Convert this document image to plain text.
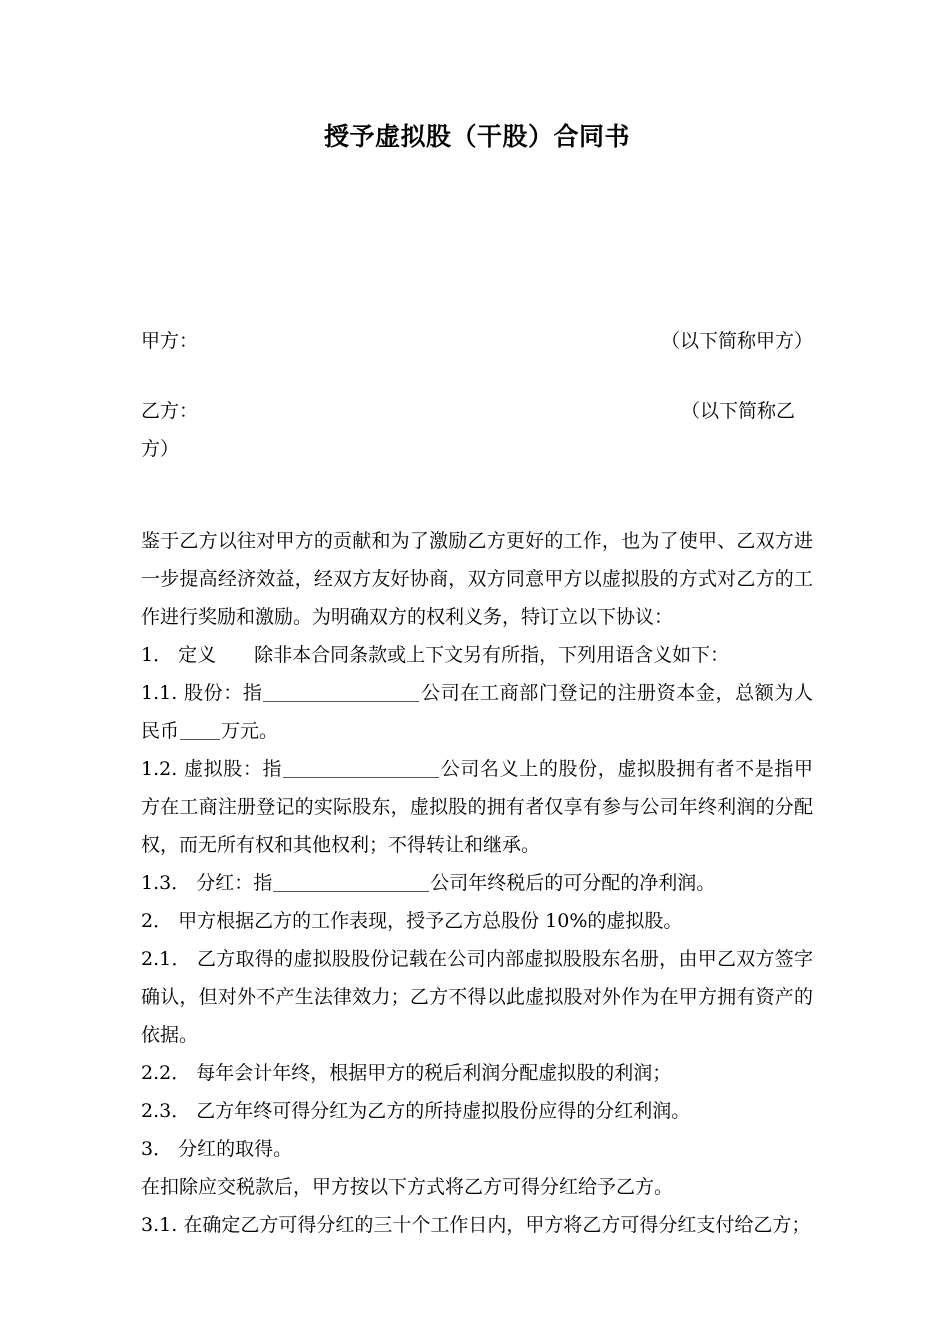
授予虚拟股（干股）合同书
甲方：	（以下简称甲方）
乙方：	（以下简称乙
方）

鉴于乙方以往对甲方的贡献和为了激励乙方更好的工作，也为了使甲、乙双方进一步提高经济效益，经双方友好协商，双方同意甲方以虚拟股的方式对乙方的工作进行奖励和激励。为明确双方的权利义务，特订立以下协议：

1． 定义　　 除非本合同条款或上下文另有所指，下列用语含义如下：

1.1. 股份：指	公司在工商部门登记的注册资本金，总额为人民币 万元。

1.2. 虚拟股：指	公司名义上的股份，虚拟股拥有者不是指甲方在工商注册登记的实际股东，虚拟股的拥有者仅享有参与公司年终利润的分配权，而无所有权和其他权利；不得转让和继承。

1.3． 分红：指	公司年终税后的可分配的净利润。

2． 甲方根据乙方的工作表现，授予乙方总股份 10%的虚拟股。

2.1． 乙方取得的虚拟股股份记载在公司内部虚拟股股东名册，由甲乙双方签字确认，但对外不产生法律效力；乙方不得以此虚拟股对外作为在甲方拥有资产的依据。

2.2． 每年会计年终，根据甲方的税后利润分配虚拟股的利润；

2.3． 乙方年终可得分红为乙方的所持虚拟股份应得的分红利润。

3． 分红的取得。

在扣除应交税款后，甲方按以下方式将乙方可得分红给予乙方。

3.1. 在确定乙方可得分红的三十个工作日内，甲方将乙方可得分红支付给乙方；
